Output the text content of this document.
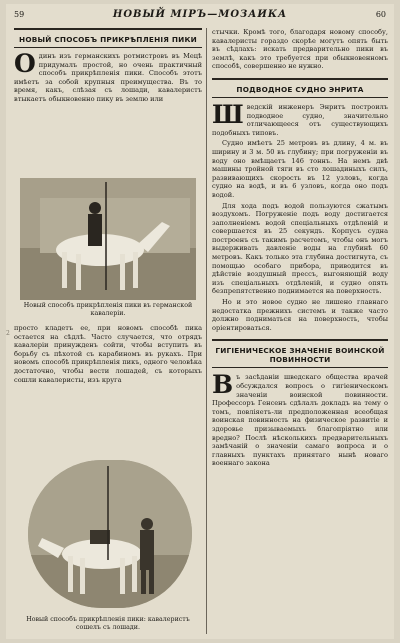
59	НОВЫЙ МІРЪ—МОЗАИКА	60
НОВЫЙ СПОСОБЪ ПРИКРѢПЛЕНІЯ ПИКИ
О динъ изъ германскихъ ротмистровъ въ Мецѣ придумалъ простой, но очень практичный способъ прикрѣпленія пики. Способъ этотъ имѣетъ за собой крупныя преимущества. Въ то время, какъ, слѣзая съ лошади, кавалеристъ втыкаетъ обыкновенно пику въ землю или
Новый способъ прикрѣпленія пики въ германской кавалеріи.
просто кладетъ ее, при новомъ способѣ пика остается на сѣдлѣ. Часто случается, что отрядъ кавалеріи принужденъ сойти, чтобы вступить въ борьбу съ пѣхотой съ карабиномъ въ рукахъ. При новомъ способѣ прикрѣпленія пикъ, одного человѣка достаточно, чтобы вести лошадей, съ которыхъ сошли кавалеристы, изъ круга
Новый способъ прикрѣпленія пики: кавалеристъ сошелъ съ лошади.
стычки. Кромѣ того, благодаря новому способу, кавалеристы гораздо скорѣе могутъ опять быть въ сѣдлахъ: искать предварительно пики въ землѣ, какъ это требуется при обыкновенномъ способѣ, совершенно не нужно.
ПОДВОДНОЕ СУДНО ЭНРИТА
Ш ведскій инженеръ Энритъ построилъ подводное судно, значительно отличающееся отъ существующихъ подобныхъ типовъ.
Судно имѣетъ 25 метровъ въ длину, 4 м. въ ширину и 3 м. 50 въ глубину; при погруженіи въ воду оно вмѣщаетъ 146 тоннъ. На немъ двѣ машины тройной тяги въ сто лошадиныхъ силъ, развивающихъ скорость въ 12 узловъ, когда судно на водѣ, и въ 6 узловъ, когда оно подъ водой.
Для хода подъ водой пользуются сжатымъ воздухомъ. Погруженіе подъ воду достигается заполненіемъ водой спеціальныхъ отдѣленій и совершается въ 25 секундъ. Корпусъ судна построенъ съ такимъ расчетомъ, чтобы онъ могъ выдерживать давленіе воды на глубинѣ 60 метровъ. Какъ только эта глубина достигнута, съ помощью особаго прибора, приводится въ дѣйствіе воздушный прессъ, выгоняющій воду изъ спеціальныхъ отдѣленій, и судно опять безпрепятственно поднимается на поверхность.
Но и это новое судно не лишено главнаго недостатка прежнихъ системъ и также часто должно подниматься на поверхность, чтобы оріентироваться.
ГИГІЕНИЧЕСКОЕ ЗНАЧЕНІЕ ВОИНСКОЙ ПОВИННОСТИ
В ъ засѣданіи шведскаго общества врачей обсуждался вопросъ о гигіеническомъ значеніи воинской повинности. Профессоръ Генсенъ сдѣлалъ докладъ на тему о томъ, повліяетъ-ли предположенная всеобщая воинская повинность на физическое развитіе и здоровье призываемыхъ благопріятно или вредно? Послѣ нѣсколькихъ предварительныхъ замѣчаній о значеніи самаго вопроса и о главныхъ пунктахъ принятаго нынѣ новаго военнаго закона
2
